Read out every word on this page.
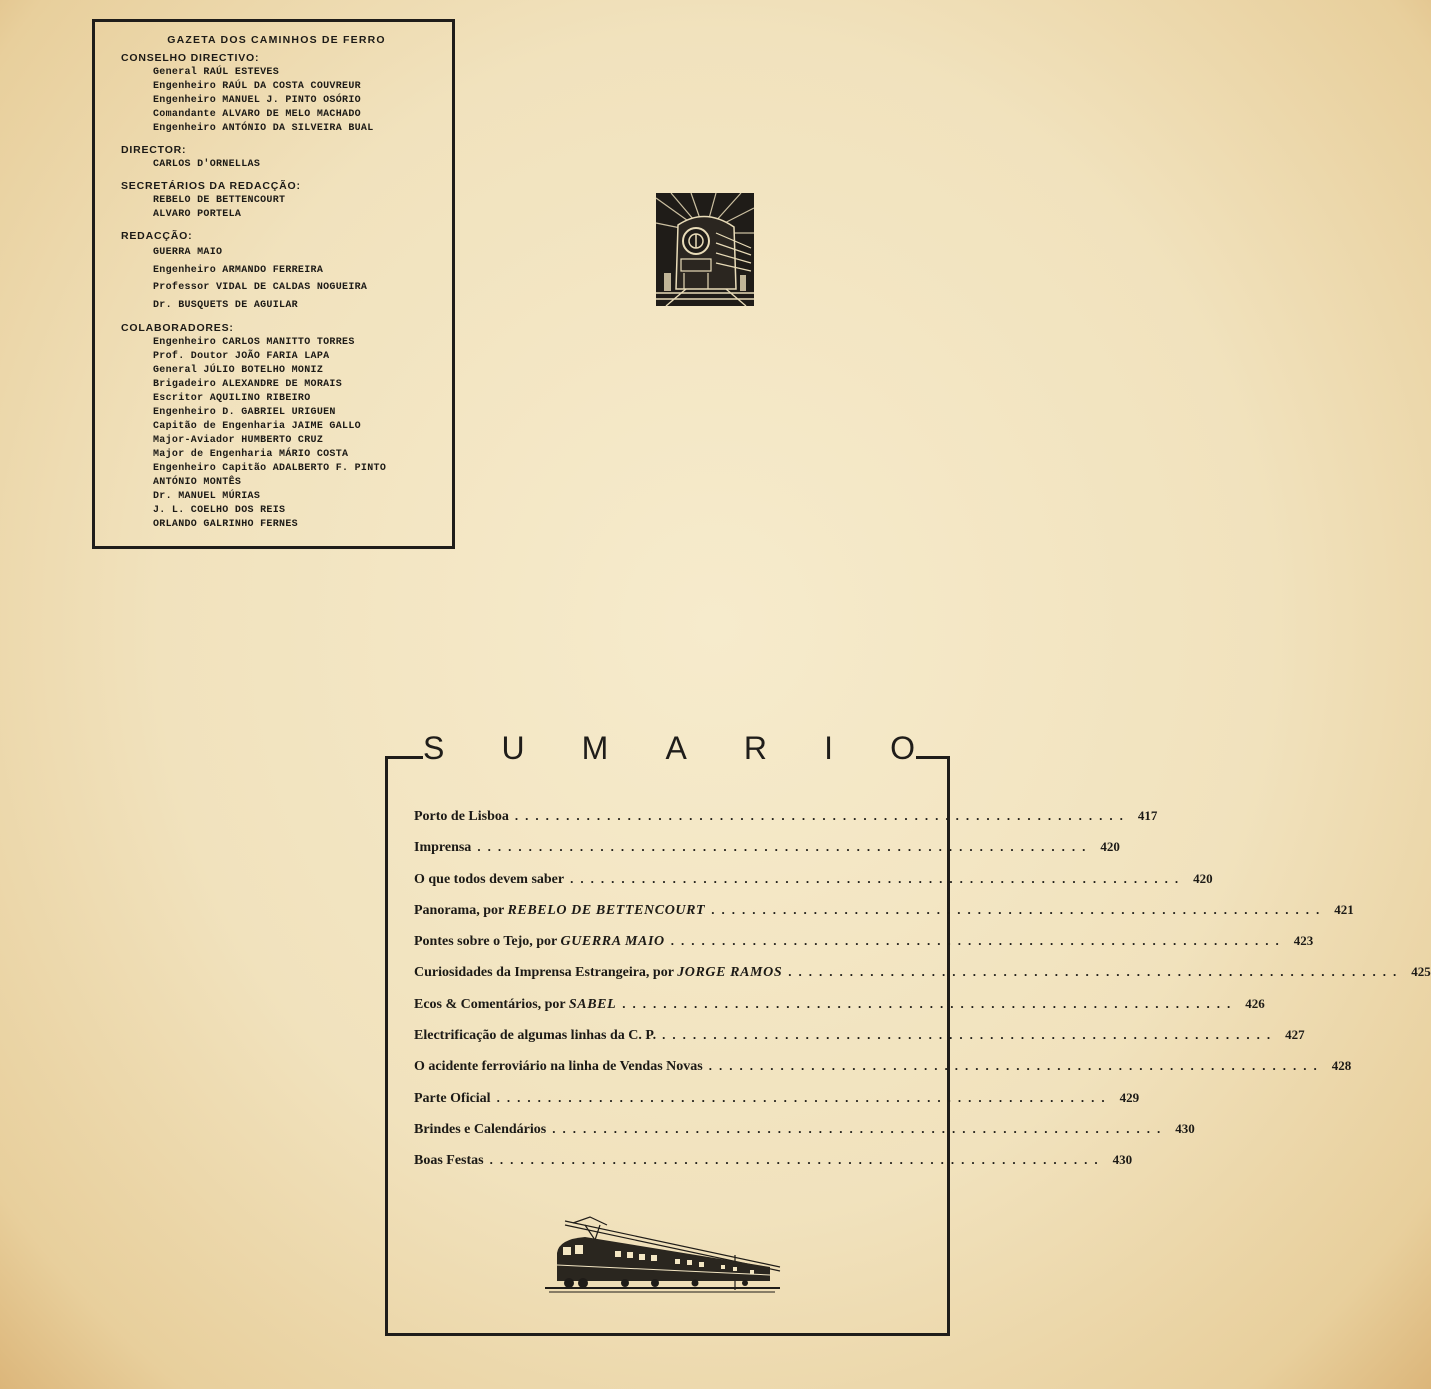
GAZETA DOS CAMINHOS DE FERRO
CONSELHO DIRECTIVO:
General RAÚL ESTEVES
Engenheiro RAÚL DA COSTA COUVREUR
Engenheiro MANUEL J. PINTO OSÓRIO
Comandante ALVARO DE MELO MACHADO
Engenheiro ANTÓNIO DA SILVEIRA BUAL
DIRECTOR:
CARLOS D'ORNELLAS
SECRETÁRIOS DA REDACÇÃO:
REBELO DE BETTENCOURT
ALVARO PORTELA
REDACÇÃO:
GUERRA MAIO
Engenheiro ARMANDO FERREIRA
Professor VIDAL DE CALDAS NOGUEIRA
Dr. BUSQUETS DE AGUILAR
COLABORADORES:
Engenheiro CARLOS MANITTO TORRES
Prof. Doutor JOÃO FARIA LAPA
General JÚLIO BOTELHO MONIZ
Brigadeiro ALEXANDRE DE MORAIS
Escritor AQUILINO RIBEIRO
Engenheiro D. GABRIEL URIGUEN
Capitão de Engenharia JAIME GALLO
Major-Aviador HUMBERTO CRUZ
Major de Engenharia MÁRIO COSTA
Engenheiro Capitão ADALBERTO F. PINTO
ANTÓNIO MONTÊS
Dr. MANUEL MÚRIAS
J. L. COELHO DOS REIS
ORLANDO GALRINHO FERNES
S U M A R I O
Porto de Lisboa ............................................................ 417
Imprensa ............................................................ 420
O que todos devem saber ............................................................ 420
Panorama, por REBELO DE BETTENCOURT ............................................................ 421
Pontes sobre o Tejo, por GUERRA MAIO ............................................................ 423
Curiosidades da Imprensa Estrangeira, por JORGE RAMOS ............................................................ 425
Ecos & Comentários, por SABEL ............................................................ 426
Electrificação de algumas linhas da C. P. ............................................................ 427
O acidente ferroviário na linha de Vendas Novas ............................................................ 428
Parte Oficial ............................................................ 429
Brindes e Calendários ............................................................ 430
Boas Festas ............................................................ 430
